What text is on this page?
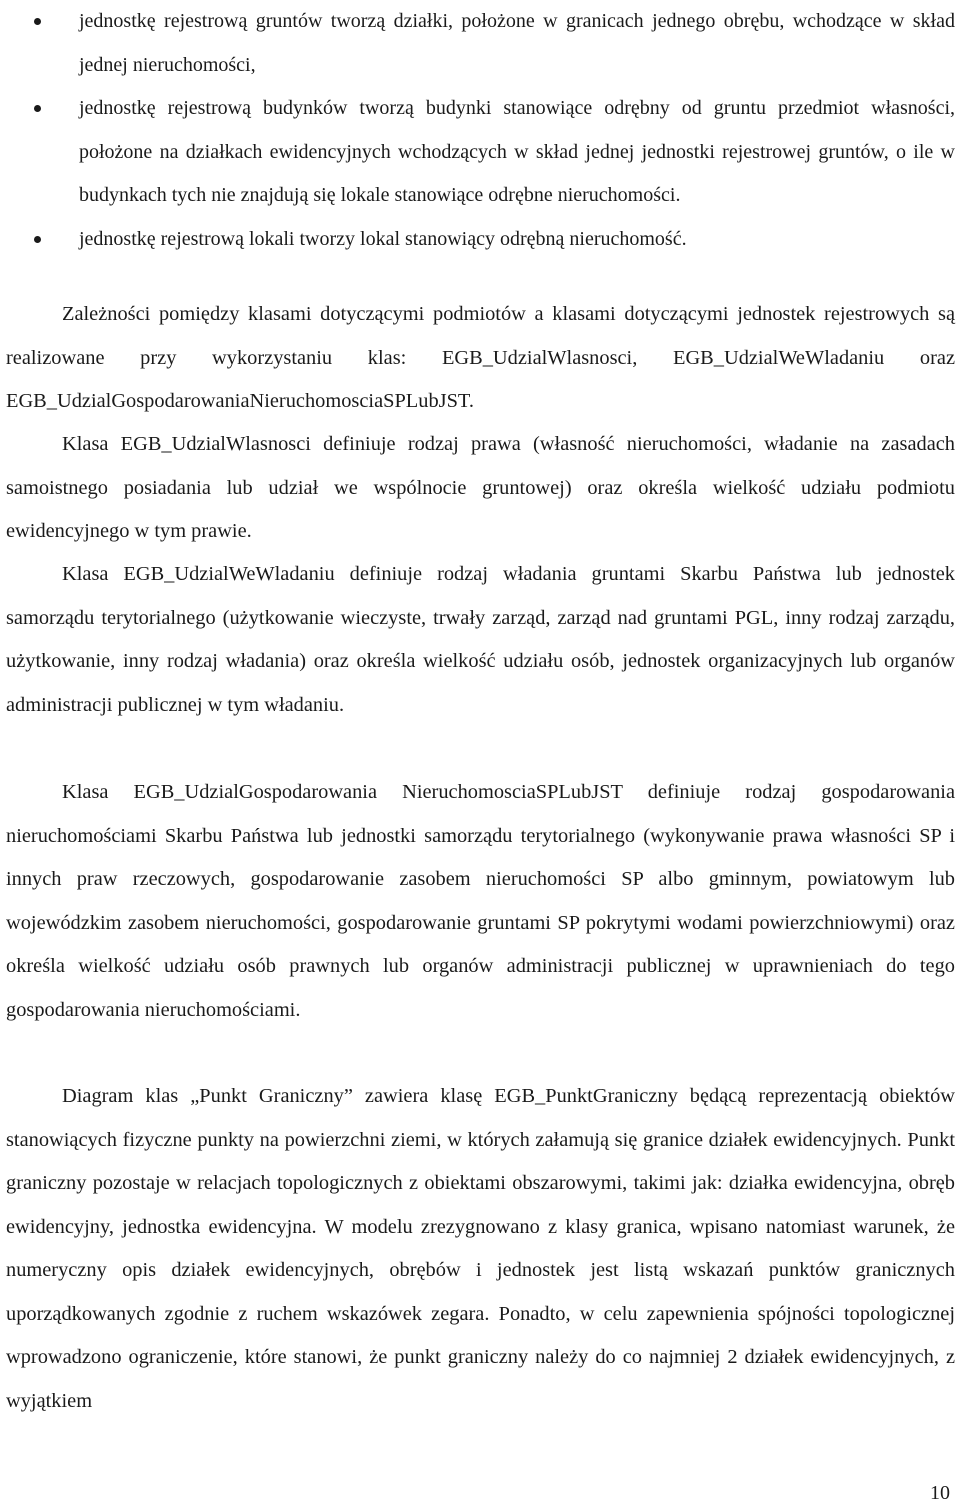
jednostkę rejestrową gruntów tworzą działki, położone w granicach jednego obrębu, wchodzące w skład jednej nieruchomości,
jednostkę rejestrową budynków tworzą budynki stanowiące odrębny od gruntu przedmiot własności, położone na działkach ewidencyjnych wchodzących w skład jednej jednostki rejestrowej gruntów, o ile w budynkach tych nie znajdują się lokale stanowiące odrębne nieruchomości.
jednostkę rejestrową lokali tworzy lokal stanowiący odrębną nieruchomość.

Zależności pomiędzy klasami dotyczącymi podmiotów a klasami dotyczącymi jednostek rejestrowych są realizowane przy wykorzystaniu klas: EGB_UdzialWlasnosci, EGB_UdzialWeWladaniu oraz EGB_UdzialGospodarowaniaNieruchomosciaSPLubJST.

Klasa EGB_UdzialWlasnosci definiuje rodzaj prawa (własność nieruchomości, władanie na zasadach samoistnego posiadania lub udział we wspólnocie gruntowej) oraz określa wielkość udziału podmiotu ewidencyjnego w tym prawie.

Klasa EGB_UdzialWeWladaniu definiuje rodzaj władania gruntami Skarbu Państwa lub jednostek samorządu terytorialnego (użytkowanie wieczyste, trwały zarząd, zarząd nad gruntami PGL, inny rodzaj zarządu, użytkowanie, inny rodzaj władania) oraz określa wielkość udziału osób, jednostek organizacyjnych lub organów administracji publicznej w tym władaniu.

Klasa EGB_UdzialGospodarowania NieruchomosciaSPLubJST definiuje rodzaj gospodarowania nieruchomościami Skarbu Państwa lub jednostki samorządu terytorialnego (wykonywanie prawa własności SP i innych praw rzeczowych, gospodarowanie zasobem nieruchomości SP albo gminnym, powiatowym lub wojewódzkim zasobem nieruchomości, gospodarowanie gruntami SP pokrytymi wodami powierzchniowymi) oraz określa wielkość udziału osób prawnych lub organów administracji publicznej w uprawnieniach do tego gospodarowania nieruchomościami.

Diagram klas „Punkt Graniczny” zawiera klasę EGB_PunktGraniczny będącą reprezentacją obiektów stanowiących fizyczne punkty na powierzchni ziemi, w których załamują się granice działek ewidencyjnych. Punkt graniczny pozostaje w relacjach topologicznych z obiektami obszarowymi, takimi jak: działka ewidencyjna, obręb ewidencyjny, jednostka ewidencyjna. W modelu zrezygnowano z klasy granica, wpisano natomiast warunek, że numeryczny opis działek ewidencyjnych, obrębów i jednostek jest listą wskazań punktów granicznych uporządkowanych zgodnie z ruchem wskazówek zegara. Ponadto, w celu zapewnienia spójności topologicznej wprowadzono ograniczenie, które stanowi, że punkt graniczny należy do co najmniej 2 działek ewidencyjnych, z wyjątkiem

10
